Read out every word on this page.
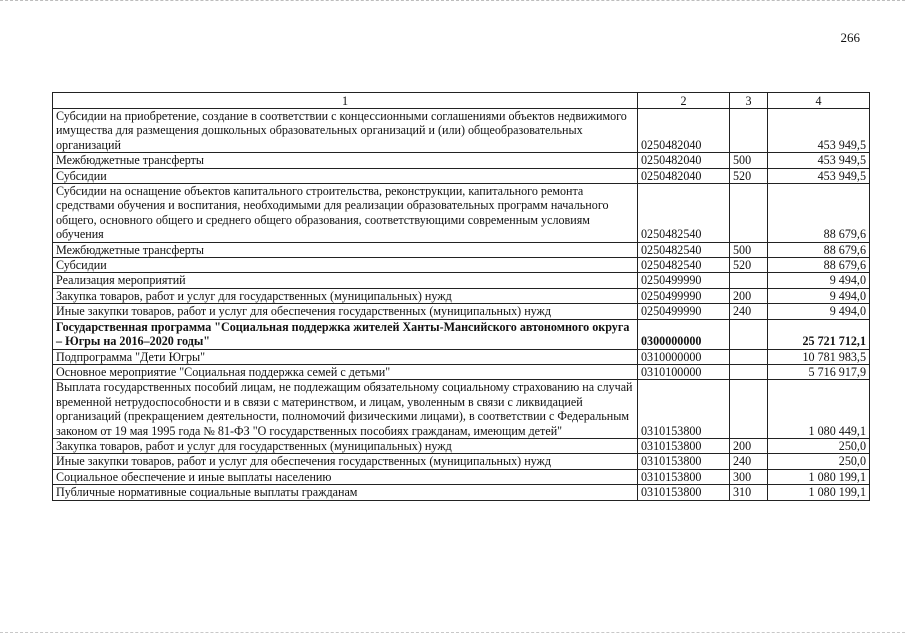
266
1	2	3	4
Субсидии на приобретение, создание в соответствии с концессионными соглашениями объектов недвижимого имущества для размещения дошкольных образовательных организаций и (или) общеобразовательных организаций	0250482040		453 949,5
Межбюджетные трансферты	0250482040	500	453 949,5
Субсидии	0250482040	520	453 949,5
Субсидии на оснащение объектов капитального строительства, реконструкции, капитального ремонта средствами обучения и воспитания, необходимыми для реализации образовательных программ начального общего, основного общего и среднего общего образования, соответствующими современным условиям обучения	0250482540		88 679,6
Межбюджетные трансферты	0250482540	500	88 679,6
Субсидии	0250482540	520	88 679,6
Реализация мероприятий	0250499990		9 494,0
Закупка товаров, работ и услуг для государственных (муниципальных) нужд	0250499990	200	9 494,0
Иные закупки товаров, работ и услуг для обеспечения государственных (муниципальных) нужд	0250499990	240	9 494,0
Государственная программа "Социальная поддержка жителей Ханты-Мансийского автономного округа – Югры на 2016–2020 годы"	0300000000		25 721 712,1
Подпрограмма "Дети Югры"	0310000000		10 781 983,5
Основное мероприятие "Социальная поддержка семей с детьми"	0310100000		5 716 917,9
Выплата государственных пособий лицам, не подлежащим обязательному социальному страхованию на случай временной нетрудоспособности и в связи с материнством, и лицам, уволенным в связи с ликвидацией организаций (прекращением деятельности, полномочий физическими лицами), в соответствии с Федеральным законом от 19 мая 1995 года № 81-ФЗ "О государственных пособиях гражданам, имеющим детей"	0310153800		1 080 449,1
Закупка товаров, работ и услуг для государственных (муниципальных) нужд	0310153800	200	250,0
Иные закупки товаров, работ и услуг для обеспечения государственных (муниципальных) нужд	0310153800	240	250,0
Социальное обеспечение и иные выплаты населению	0310153800	300	1 080 199,1
Публичные нормативные социальные выплаты гражданам	0310153800	310	1 080 199,1
